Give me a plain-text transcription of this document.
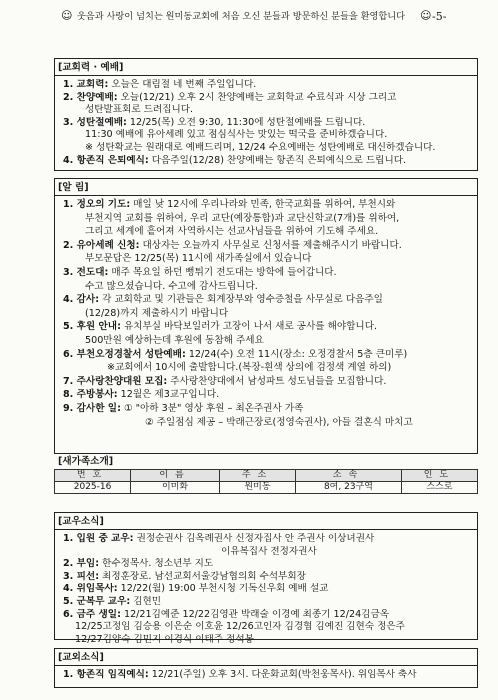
☺ 웃음과 사랑이 넘치는 원미동교회에 처음 오신 분들과 방문하신 분들을 환영합니다 ☺ -5-
[교회력 · 예배]
1. 교회력: 오늘은 대림절 네 번째 주일입니다.
2. 찬양예배: 오늘(12/21) 오후 2시 찬양예배는 교회학교 수료식과 시상 그리고
성탄발표회로 드려집니다.
3. 성탄절예배: 12/25(목) 오전 9:30, 11:30에 성탄절예배를 드립니다.
11:30 예배에 유아세례 있고 점심식사는 맛있는 떡국을 준비하겠습니다.
※ 성탄확교는 원래대로 예배드리며, 12/24 수요예배는 성탄예배로 대신하겠습니다.
4. 항존직 은퇴예식: 다음주일(12/28) 찬양예배는 항존직 은퇴예식으로 드립니다.
[알 림]
1. 정오의 기도: 매일 낮 12시에 우리나라와 민족, 한국교회를 위하여, 부천시와
부천지역 교회를 위하여, 우리 교단(예장통합)과 교단신학교(7개)를 위하여,
그리고 세계에 흩어져 사역하시는 선교사님들을 위하여 기도해 주세요.
2. 유아세례 신청: 대상자는 오늘까지 사무실로 신청서를 제출해주시기 바랍니다.
부모문답은 12/25(목) 11시에 새가족실에서 있습니다
3. 전도대: 매주 목요일 하던 뻥튀기 전도대는 방학에 들어갑니다.
수고 많으셨습니다. 수고에 감사드립니다.
4. 감사: 각 교회학교 및 기관들은 회계장부와 영수증철을 사무실로 다음주일
(12/28)까지 제출하시기 바랍니다
5. 후원 안내: 유치부실 바닥보일러가 고장이 나서 새로 공사를 해야합니다.
500만원 예상하는데 후원에 동참해 주세요
6. 부천오정경찰서 성탄예배: 12/24(수) 오전 11시(장소: 오정경찰서 5층 큰미루)
※교회에서 10시에 출발합니다.(복장-흰색 상의에 검정색 계열 하의)
7. 주사랑찬양대원 모집: 주사랑찬양대에서 남성파트 성도님들을 모집합니다.
8. 주방봉사: 12월은 제3교구입니다.
9. 감사한 일: ① "아하 3분" 영상 후원 – 최온주권사 가족
② 주일점심 제공 – 박래근장로(정영숙권사), 아들 결혼식 마치고
[새가족소개]
번호	이름	주소	소속	인도
2025-16	이미화	원미동	8여, 23구역	스스로
[교우소식]
1. 입원 중 교우: 권정순권사 김옥례권사 신정자집사 안 주권사 이상녀권사
이유복집사 전정자권사
2. 부임: 한수정목사. 청소년부 지도
3. 피선: 최정훈장로. 남선교회서울강남협의회 수석부회장
4. 위임목사: 12/22(월) 19:00 부천시청 기독신우회 예배 설교
5. 군복무 교우: 김현민
6. 금주 생일: 12/21김예준 12/22김영관 박래술 이경예 최종기 12/24김금옥
12/25고정임 김승용 이은순 이호윤 12/26고인자 김경협 김예진 김현숙 정은주
12/27김양숙 김민지 이경식 이태주 정석봉
[교외소식]
1. 항존직 임직예식: 12/21(주일) 오후 3시. 다운화교회(박천웅목사). 위임목사 축사
